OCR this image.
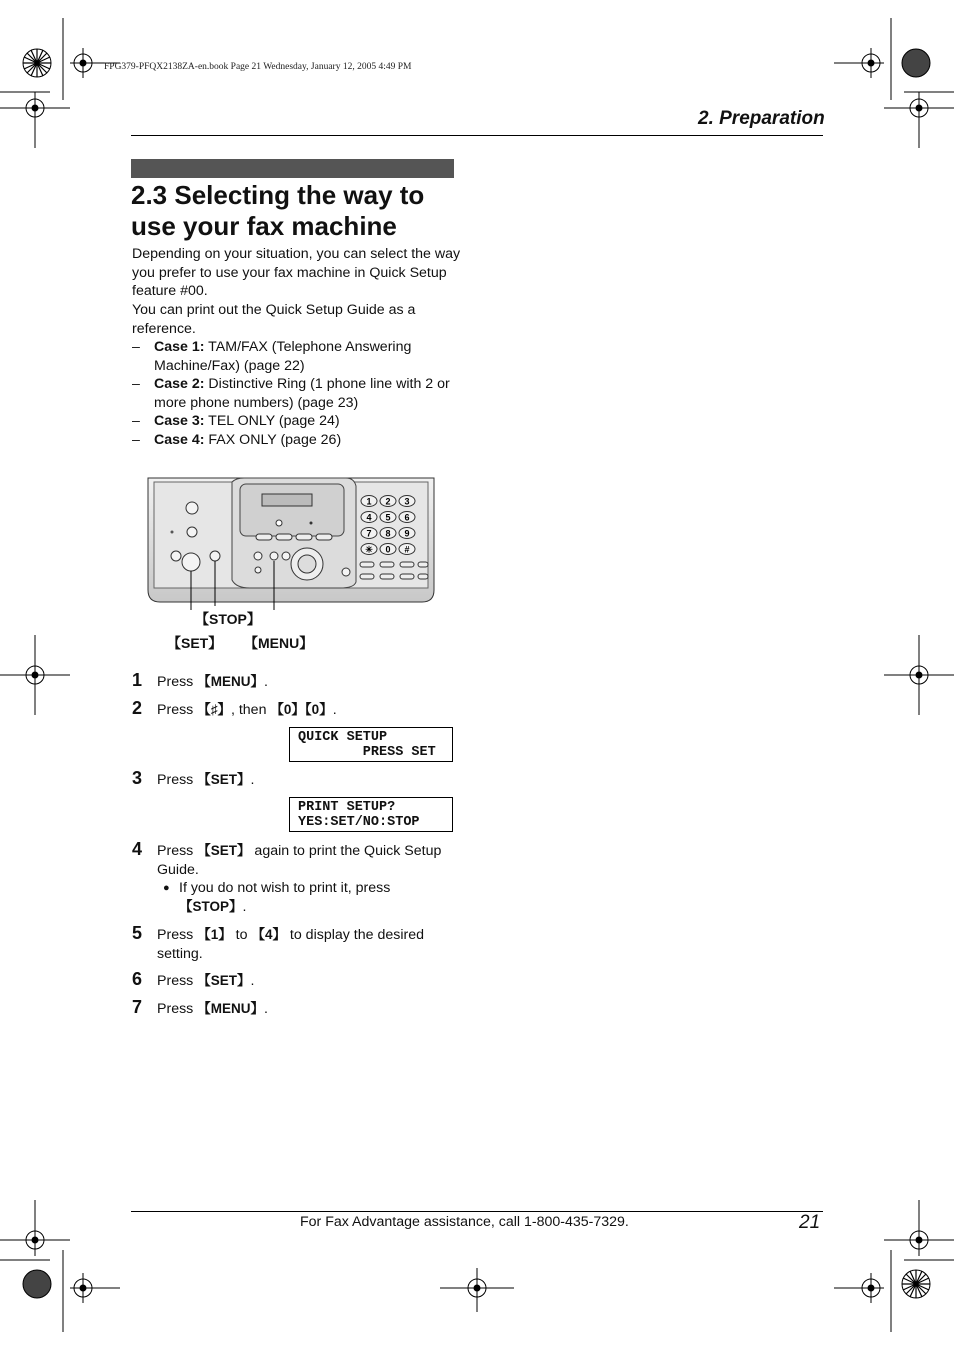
FPG379-PFQX2138ZA-en.book Page 21 Wednesday, January 12, 2005 4:49 PM
2. Preparation
2.3 Selecting the way to use your fax machine
Depending on your situation, you can select the way you prefer to use your fax machine in Quick Setup feature #00.
You can print out the Quick Setup Guide as a reference.
– Case 1: TAM/FAX (Telephone Answering Machine/Fax) (page 22)
– Case 2: Distinctive Ring (1 phone line with 2 or more phone numbers) (page 23)
– Case 3: TEL ONLY (page 24)
– Case 4: FAX ONLY (page 26)
1 2 3
4 5 6
7 8 9
✳ 0 #
【STOP】
【SET】 【MENU】
1 Press 【MENU】.
2 Press 【♯】, then 【0】【0】.
QUICK SETUP
PRESS SET
3 Press 【SET】.
PRINT SETUP?
YES:SET/NO:STOP
4 Press 【SET】 again to print the Quick Setup Guide.
● If you do not wish to print it, press 【STOP】.
5 Press 【1】 to 【4】 to display the desired setting.
6 Press 【SET】.
7 Press 【MENU】.
For Fax Advantage assistance, call 1-800-435-7329.	21
